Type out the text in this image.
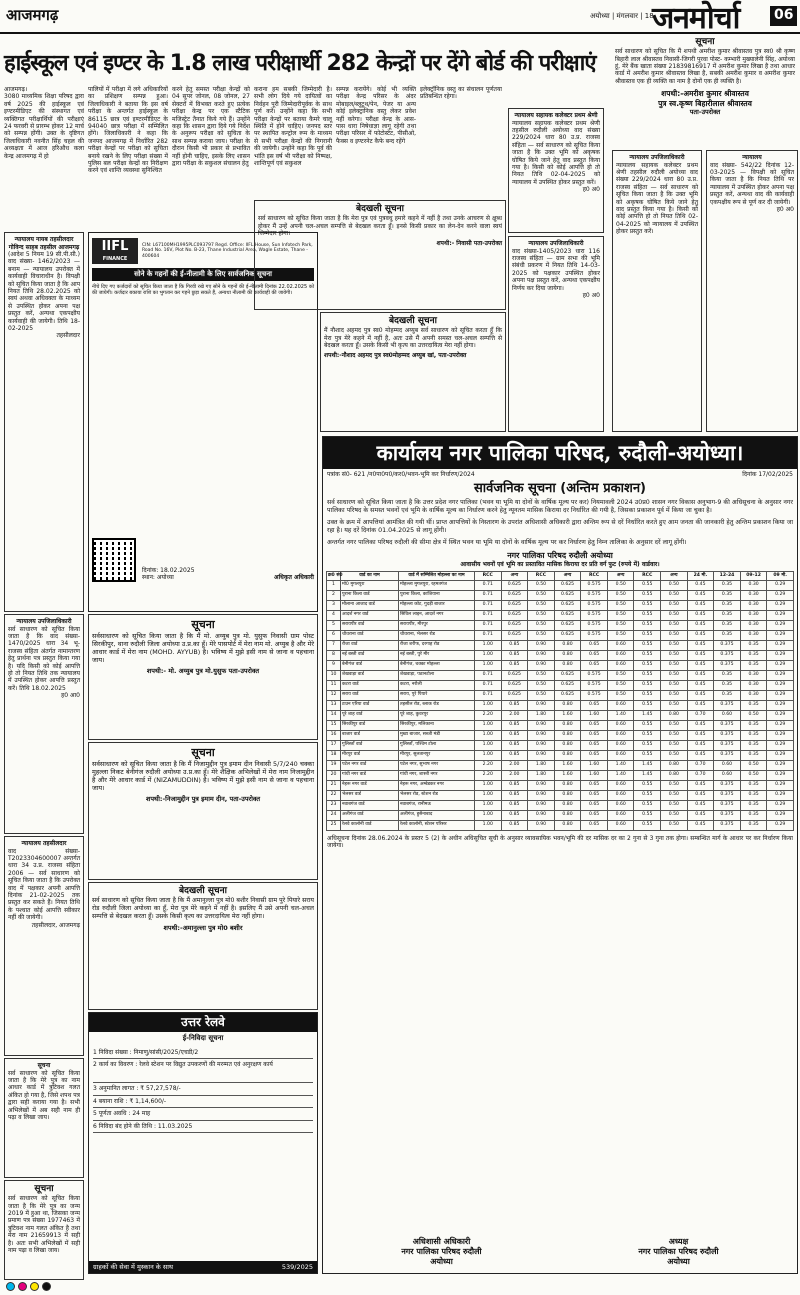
आजमगढ़	अयोध्या | मंगलवार | 18
जनमोर्चा 06
हाईस्कूल एवं इण्टर के 1.8 लाख परीक्षार्थी 282 केन्द्रों पर देंगे बोर्ड की परीक्षाएं
सूचना
सर्व साधारण को सूचित कि मैं शपथी अमरीश कुमार श्रीवास्तव पुत्र स्व0 श्री कृष्ण बिहारी लाल श्रीवास्तव निवासी-जिगरी पुरवा पोस्ट- कम्भारी मुख्यालेनी सिंह, अयोध्या हूं, मेरे बैंक खाता संख्या 21839816917 में अमरीश कुमार लिखा है तथा आधार कार्ड में अमरीश कुमार श्रीवास्तव लिखा है, सबकी अमरीश कुमार व अमरीश कुमार श्रीवास्तव एक ही व्यक्ति का नाम है दोनों एक ही व्यक्ति है।
शपथी:-अमरीश कुमार श्रीवास्तव
पुत्र स्व.कृष्ण बिहारीलाल श्रीवास्तव
पता-उपरोक्त
आजमगढ़।
3080 माध्यमिक शिक्षा परिषद द्वारा वर्ष 2025 की हाईस्कूल एवं इण्टरमीडिएट की संस्थागत एवं व्यक्तिगत परीक्षार्थियों की परीक्षाएं 24 फरवरी से प्रारम्भ होकर 12 मार्च को सम्पन्न होंगी। उक्त के दृष्टिगत जिलाधिकारी नवनीत सिंह चहल की अध्यक्षता में आज हरिऔध कला केन्द्र आजमगढ़ में हो
पालियों में परीक्षा में लगे अधिकारियों का प्रशिक्षण सम्पन्न हुआ। जिलाधिकारी ने बताया कि इस वर्ष परीक्षा के अन्तर्गत हाईस्कूल के 86115 छात्र एवं इण्टरमीडिएट के 94040 छात्र परीक्षा में सम्मिलित होंगे। जिलाधिकारी ने कहा कि जनपद आजमगढ़ में निर्धारित 282 परीक्षा केन्द्रों पर परीक्षा को सुचिता बनाये रखने के लिए परीक्षा संख्या में पुलिस बल परीक्षा केन्द्रों का निरीक्षण करने एवं शान्ति व्यवस्था सुनिश्चित
करने हेतु समस्त परीक्षा केन्द्रों को 04 सुपर जोनल, 08 जोनल, 27 सेक्टरों में विभक्त करते हुए प्रत्येक परीक्षा केन्द्र पर एक स्टैटिक मजिस्ट्रेट तैनात किये गये हैं। उन्होंने कहा कि शासन द्वारा दिये गये निर्देश के अनुरूप परीक्षा को सुचिता के साथ सम्पन्न कराया जाय। परीक्षा के दौरान किसी भी प्रकार से प्रभावित नहीं होनी चाहिए, इसके लिए शासन द्वारा परीक्षा के सकुशल संचालन हेतु
कराना हम सबकी जिम्मेदारी है। सभी लोग दिये गये दायित्वों का निर्वहन पूरी जिम्मेदारीपूर्वक के साथ पूर्ण करें। उन्होंने कहा कि सभी परीक्षा केन्द्रों पर बताया कैमरे चालू स्थिति में होने चाहिए। जनपद स्तर पर स्थापित कन्ट्रोल रूम के माध्यम से सभी परीक्षा केन्द्रों की निगरानी की जायेगी। उन्होंने कहा कि पूर्व की भांति इस वर्ष भी परीक्षा को निष्पक्ष, शान्तिपूर्ण एवं सकुशल
सम्पन्न करायेंगे। कोई भी व्यक्ति परीक्षा केन्द्र परिसर के अंदर मोबाइल/ब्लूटूथ/पेन, पेजर या अन्य कोई इलेक्ट्रानिक वस्तु लेकर प्रवेश नहीं करेगा। परीक्षा केन्द्र के आस-पास धारा निषेधाज्ञा लागू रहेगी तथा परीक्षा परिसर में फोटोस्टेट, पीसीओ, फैक्स व इण्टरनेट कैफे बन्द रहेंगे
इलेक्ट्रॉनिक वस्तु का संचालन पूर्णतया प्रतिबन्धित रहेगा।
IIFL
FINANCE
CIN: L67100MH1995PLC093797 Regd. Office: IIFL House, Sun Infotech Park, Road No. 16V, Plot No. B-23, Thane Industrial Area, Wagle Estate, Thane - 400604
सोने के गहनों की ई-नीलामी के लिए सार्वजनिक सूचना
नीचे दिए गए कर्जदारों को सूचित किया जाता है कि गिरवी रखे गए सोने के गहनों की ई-नीलामी दिनांक 22.02.2025 को की जायेगी। कर्जदार बकाया राशि का भुगतान कर गहने छुड़ा सकते हैं, अन्यथा नीलामी की कार्यवाही की जायेगी।
दिनांक: 18.02.2025
स्थान: अयोध्या	अधिकृत अधिकारी
बेदखली सूचना
सर्व साधारण को सूचित किया जाता है कि मेरा पुत्र एवं पुत्रवधु हमारे कहने में नहीं है तथा उनके आचरण से क्षुब्ध होकर मैं उन्हें अपनी चल-अचल सम्पत्ति से बेदखल करता हूँ। इनसे किसी प्रकार का लेन-देन करने वाला स्वयं जिम्मेदार होगा।
शपथी:- निवासी पता-उपरोक्त
बेदखली सूचना
मैं नौशाद अहमद पुत्र स्व0 मोहम्मद अय्युब सर्व साधारण को सूचित करता हूँ कि मेरा पुत्र मेरे कहने में नहीं है, अतः उसे मैं अपनी समस्त चल-अचल सम्पत्ति से बेदखल करता हूँ। उसके किसी भी कृत्य का उत्तरदायित्व मेरा नहीं होगा।
शपथी:-नौशाद अहमद पुत्र स्व0मोहम्मद अय्युब खां, पता-उपरोक्त
न्यायालय सहायक कलेक्टर प्रथम श्रेणी
न्यायालय सहायक कलेक्टर प्रथम श्रेणी तहसील रुदौली अयोध्या वाद संख्या 229/2024 धारा 80 उ.प्र. राजस्व संहिता — सर्व साधारण को सूचित किया जाता है कि उक्त भूमि को अकृषक घोषित किये जाने हेतु वाद प्रस्तुत किया गया है। किसी को कोई आपत्ति हो तो नियत तिथि 02-04-2025 को न्यायालय में उपस्थित होकर प्रस्तुत करें।
ह0 अ0
न्यायालय उपजिलाधिकारी
वाद संख्या-1405/2023 धारा 116 राजस्व संहिता — ग्राम सभा की भूमि संबंधी प्रकरण में नियत तिथि 14-03-2025 को पक्षकार उपस्थित होकर अपना पक्ष प्रस्तुत करें, अन्यथा एकपक्षीय निर्णय कर दिया जायेगा।
ह0 अ0
न्यायालय उपजिलाधिकारी
न्यायालय सहायक कलेक्टर प्रथम श्रेणी तहसील रुदौली अयोध्या वाद संख्या 229/2024 धारा 80 उ.प्र. राजस्व संहिता — सर्व साधारण को सूचित किया जाता है कि उक्त भूमि को अकृषक घोषित किये जाने हेतु वाद प्रस्तुत किया गया है। किसी को कोई आपत्ति हो तो नियत तिथि 02-04-2025 को न्यायालय में उपस्थित होकर प्रस्तुत करें।
न्यायालय
वाद संख्या- 542/22 दिनांक 12-03-2025 — विपक्षी को सूचित किया जाता है कि नियत तिथि पर न्यायालय में उपस्थित होकर अपना पक्ष प्रस्तुत करें, अन्यथा वाद की कार्यवाही एकपक्षीय रूप से पूर्ण कर दी जायेगी।
ह0 अ0
न्यायालय नायब तहसीलदार गोविन्द साहब तहसील आजमगढ़
(आदेश 5 नियम 19 सी.पी.सी.) वाद संख्या- 1462/2023 — बनाम — न्यायालय उपरोक्त में कार्यवाही विचाराधीन है। विपक्षी को सूचित किया जाता है कि आप नियत तिथि 28.02.2025 को स्वयं अथवा अधिवक्ता के माध्यम से उपस्थित होकर अपना पक्ष प्रस्तुत करें, अन्यथा एकपक्षीय कार्यवाही की जायेगी। तिथि 18-02-2025
तहसीलदार
न्यायालय उपजिलाधिकारी
सर्व साधारण को सूचित किया जाता है कि वाद संख्या- 1470/2025 धारा 34 भू-राजस्व संहिता अंतर्गत नामान्तरण हेतु प्रार्थना पत्र प्रस्तुत किया गया है। यदि किसी को कोई आपत्ति हो तो नियत तिथि तक न्यायालय में उपस्थित होकर आपत्ति प्रस्तुत करें। तिथि 18.02.2025
ह0 आ0
न्यायालय तहसीलदार
वाद संख्या- T2023304600007 अन्तर्गत धारा 34 उ.प्र. राजस्व संहिता 2006 — सर्व साधारण को सूचित किया जाता है कि उपरोक्त वाद में पक्षकार अपनी आपत्ति दिनांक 21-02-2025 तक प्रस्तुत कर सकते हैं। नियत तिथि के पश्चात कोई आपत्ति स्वीकार नहीं की जायेगी।
तहसीलदार, आजमगढ़
सूचना
सर्व साधारण को सूचित किया जाता है कि मेरे पुत्र का नाम आधार कार्ड में त्रुटिवश गलत अंकित हो गया है, जिसे शपथ पत्र द्वारा सही कराया गया है। सभी अभिलेखों में अब सही नाम ही पढ़ा व लिखा जाय।
सूचना
सर्व साधारण को सूचित किया जाता है कि मेरे पुत्र का जन्म 2019 में हुआ था, जिसका जन्म प्रमाण पत्र संख्या 1977463 में त्रुटिवश नाम गलत अंकित है तथा मेरा नाम 21659913 में सही है। अतः सभी अभिलेखों में सही नाम पढ़ा व लिखा जाय।
सूचना
सर्वसाधारण को सूचित किया जाता है कि मैं मो. अय्युब पुत्र मो. युसुफ निवासी ग्राम पोस्ट सिरकीपुर, थाना रुदौली जिला अयोध्या उ.प्र.का हूँ। मेरे पासपोर्ट में मेरा नाम मो. अय्युब है और मेरे आधार कार्ड में मेरा नाम (MOHD. AYYUB) है। भविष्य में मुझे इसी नाम से जाना व पहचाना जाय।
शपथी:- मो. अय्युब पुत्र मो.युसुफ पता-उपरोक्त
सूचना
सर्वसाधारण को सूचित किया जाता है कि मैं निजामुद्दीन पुत्र इमाम दीन निवासी 5/7/240 चक्का मुहल्ला निकट बेनीगंज रुदौली अयोध्या उ.प्र.का हूँ। मेरे शैक्षिक अभिलेखों में मेरा नाम निजामुद्दीन है और मेरे आधार कार्ड में (NIZAMUDDIN) है। भविष्य में मुझे इसी नाम से जाना व पहचाना जाय।
शपथी:-निजामुद्दीन पुत्र इमाम दीन, पता-उपरोक्त
बेदखली सूचना
सर्व साधारण को सूचित किया जाता है कि मैं अमानुल्ला पुत्र मो0 बशीर निवासी ग्राम पुरे पियारे सराय रोड रुदौली जिला अयोध्या का हूँ, मेरा पुत्र मेरे कहने में नहीं है। इसलिए मैं उसे अपनी चल-अचल सम्पत्ति से बेदखल करता हूँ। उसके किसी कृत्य का उत्तरदायित्व मेरा नहीं होगा।
शपथी:-अमानुल्ला पुत्र मो0 बशीर
उत्तर रेलवे
ई-निविदा सूचना
1 निविदा संख्या : निमाणु/सांसी/2025/एचडी/2
2 कार्य का विवरण : रेलवे स्टेशन पर विद्युत उपकरणों की मरम्मत एवं अनुरक्षण कार्य
3 अनुमानित लागत : ₹ 57,27,578/-
4 बयाना राशि : ₹ 1,14,600/-
5 पूर्णता अवधि : 24 माह
6 निविदा बंद होने की तिथि : 11.03.2025
ग्राहकों की सेवा में मुस्कान के साथ	539/2025
कार्यालय नगर पालिका परिषद, रुदौली-अयोध्या।
पत्रांक सं0- 621 /न0पा0प0/कर0/भवन-भूमि कर निर्धारण/2024	दिनांक 17/02/2025
सार्वजनिक सूचना (अन्तिम प्रकाशन)
सर्व साधारण को सूचित किया जाता है कि उत्तर प्रदेश नगर पालिका (भवन या भूमि या दोनों के वार्षिक मूल्य पर कर) नियमावली 2024 उ0प्र0 शासन नगर विकास अनुभाग-9 की अधिसूचना के अनुसार नगर पालिका परिषद के समस्त भवनों एवं भूमि के वार्षिक मूल्य का निर्धारण करने हेतु न्यूनतम मासिक किराया दर निर्धारित की गयी है, जिसका प्रकाशन पूर्व में किया जा चुका है।
उक्त के क्रम में आपत्तियां आमंत्रित की गयी थीं। प्राप्त आपत्तियों के निस्तारण के उपरांत अधिशासी अधिकारी द्वारा अन्तिम रूप से दरें निर्धारित करते हुए आम जनता की जानकारी हेतु अन्तिम प्रकाशन किया जा रहा है। यह दरें दिनांक 01.04.2025 से लागू होंगी।
अन्तर्गत नगर पालिका परिषद रुदौली की सीमा क्षेत्र में स्थित भवन या भूमि या दोनों के वार्षिक मूल्य पर कर निर्धारण हेतु निम्न तालिका के अनुसार दरें लागू होंगी।
नगर पालिका परिषद रुदौली अयोध्या
आवासीय भवनों एवं भूमि का प्रस्तावित मासिक किराया दर प्रति वर्ग फुट (रुपये में) वार्डवार।
क्र0 सं0	वार्ड का नाम	वार्ड में सम्मिलित मोहल्ला का नाम	RCC	अन्य	RCC	अन्य	RCC	अन्य	RCC	अन्य	24 मी.	12-24	09-12	09 मी.
1	मो0 मुगलपुरा	मोहल्ला मुगलपुरा, रहमतगंज	0.71	0.625	0.50	0.625	0.575	0.50	0.55	0.50	0.45	0.35	0.30	0.29
2	पुराना किला वार्ड	पुराना किला, काजियाना	0.71	0.625	0.50	0.625	0.575	0.50	0.55	0.50	0.45	0.35	0.30	0.29
3	मौलाना आजाद वार्ड	मोहल्ला कोट, गुदड़ी बाजार	0.71	0.625	0.50	0.625	0.575	0.50	0.55	0.50	0.45	0.35	0.30	0.29
4	आदर्श नगर वार्ड	सिविल लाइन, आदर्श नगर	0.71	0.625	0.50	0.625	0.575	0.50	0.55	0.50	0.45	0.35	0.30	0.29
5	सरायपीर वार्ड	सरायपीर, मीरपुर	0.71	0.625	0.50	0.625	0.575	0.50	0.55	0.50	0.45	0.35	0.30	0.29
6	चौधराना वार्ड	चौधराना, भेलसर रोड	0.71	0.625	0.50	0.625	0.575	0.50	0.55	0.50	0.45	0.35	0.30	0.29
7	रौजा वार्ड	रौजा शरीफ, दरगाह रोड	1.00	0.85	0.90	0.80	0.65	0.60	0.55	0.50	0.45	0.375	0.35	0.29
8	नई बस्ती वार्ड	नई बस्ती, पुरे मीर	1.00	0.85	0.90	0.80	0.65	0.60	0.55	0.50	0.45	0.375	0.35	0.29
9	बेनीगंज वार्ड	बेनीगंज, चक्का मोहल्ला	1.00	0.85	0.90	0.80	0.65	0.60	0.55	0.50	0.45	0.375	0.35	0.29
10	शेखवाड़ा वार्ड	शेखवाड़ा, पठानटोला	0.71	0.625	0.50	0.625	0.575	0.50	0.55	0.50	0.45	0.35	0.30	0.29
11	कटरा वार्ड	कटरा, नरौली	0.71	0.625	0.50	0.625	0.575	0.50	0.55	0.50	0.45	0.35	0.30	0.29
12	सराय वार्ड	सराय, पुरे पियारे	0.71	0.625	0.50	0.625	0.575	0.50	0.55	0.50	0.45	0.35	0.30	0.29
13	टाउन एरिया वार्ड	तहसील रोड, ब्लाक रोड	1.00	0.85	0.90	0.80	0.65	0.60	0.55	0.50	0.45	0.375	0.35	0.29
14	पूरे शाह वार्ड	पूरे शाह, कुवरपुर	2.20	2.00	1.80	1.60	1.60	1.40	1.45	0.80	0.70	0.60	0.50	0.29
15	सिरकीपुर वार्ड	सिरकीपुर, मलिकाना	1.00	0.85	0.90	0.80	0.65	0.60	0.55	0.50	0.45	0.375	0.35	0.29
16	बाजार वार्ड	मुख्य बाजार, सब्जी मंडी	1.00	0.85	0.90	0.80	0.65	0.60	0.55	0.50	0.45	0.375	0.35	0.29
17	गुलिस्ताँ वार्ड	गुलिस्ताँ, पश्चिम टोला	1.00	0.85	0.90	0.80	0.65	0.60	0.55	0.50	0.45	0.375	0.35	0.29
18	मीरपुर वार्ड	मीरपुर, सुलतानपुर	1.00	0.85	0.90	0.80	0.65	0.60	0.55	0.50	0.45	0.375	0.35	0.29
19	पटेल नगर वार्ड	पटेल नगर, सुभाष नगर	2.20	2.00	1.80	1.60	1.60	1.40	1.45	0.80	0.70	0.60	0.50	0.29
20	गांधी नगर वार्ड	गांधी नगर, शास्त्री नगर	2.20	2.00	1.80	1.60	1.60	1.40	1.45	0.80	0.70	0.60	0.50	0.29
21	नेहरू नगर वार्ड	नेहरू नगर, अम्बेडकर नगर	1.00	0.85	0.90	0.80	0.65	0.60	0.55	0.50	0.45	0.375	0.35	0.29
22	भेलसर वार्ड	भेलसर रोड, स्टेशन रोड	1.00	0.85	0.90	0.80	0.65	0.60	0.55	0.50	0.45	0.375	0.35	0.29
23	नवाबगंज वार्ड	नवाबगंज, रानीमऊ	1.00	0.85	0.90	0.80	0.65	0.60	0.55	0.50	0.45	0.375	0.35	0.29
24	अलीगंज वार्ड	अलीगंज, हुसैनाबाद	1.00	0.85	0.90	0.80	0.65	0.60	0.55	0.50	0.45	0.375	0.35	0.29
25	रेलवे कालोनी वार्ड	रेलवे कालोनी, स्टेशन परिसर	1.00	0.85	0.90	0.80	0.65	0.60	0.55	0.50	0.45	0.375	0.35	0.29
अधिसूचना दिनांक 28.06.2024 के प्रस्तर 5 (2) के अधीन अधिसूचित सूची के अनुसार व्यावसायिक भवन/भूमि की दर मासिक दर का 2 गुना से 3 गुना तक होगा। सम्बन्धित मार्ग के आधार पर कर निर्धारण किया जायेगा।
अधिशासी अधिकारी
नगर पालिका परिषद रुदौली
अयोध्या
अध्यक्ष
नगर पालिका परिषद रुदौली
अयोध्या
